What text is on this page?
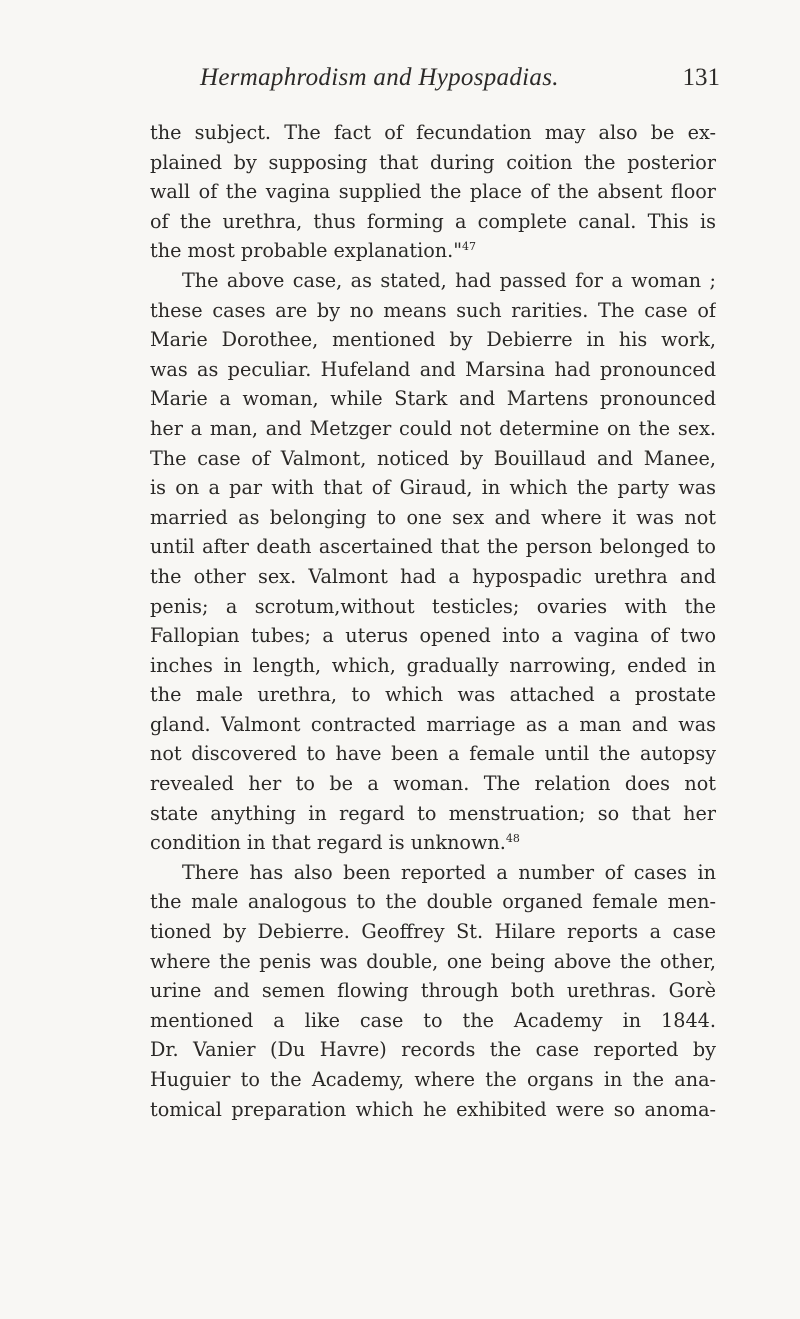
Hermaphrodism and Hypospadias.	131
the subject. The fact of fecundation may also be ex-
plained by supposing that during coition the posterior
wall of the vagina supplied the place of the absent floor
of the urethra, thus forming a complete canal. This is
the most probable explanation."$^{47}$
The above case, as stated, had passed for a woman ;
these cases are by no means such rarities. The case of
Marie Dorothee, mentioned by Debierre in his work,
was as peculiar. Hufeland and Marsina had pronounced
Marie a woman, while Stark and Martens pronounced
her a man, and Metzger could not determine on the sex.
The case of Valmont, noticed by Bouillaud and Manee,
is on a par with that of Giraud, in which the party was
married as belonging to one sex and where it was not
until after death ascertained that the person belonged to
the other sex. Valmont had a hypospadic urethra and
penis; a scrotum,without testicles; ovaries with the
Fallopian tubes; a uterus opened into a vagina of two
inches in length, which, gradually narrowing, ended in
the male urethra, to which was attached a prostate
gland. Valmont contracted marriage as a man and was
not discovered to have been a female until the autopsy
revealed her to be a woman. The relation does not
state anything in regard to menstruation; so that her
condition in that regard is unknown.$^{48}$
There has also been reported a number of cases in
the male analogous to the double organed female men-
tioned by Debierre. Geoffrey St. Hilare reports a case
where the penis was double, one being above the other,
urine and semen flowing through both urethras. Gorè
mentioned a like case to the Academy in 1844.
Dr. Vanier (Du Havre) records the case reported by
Huguier to the Academy, where the organs in the ana-
tomical preparation which he exhibited were so anoma-
